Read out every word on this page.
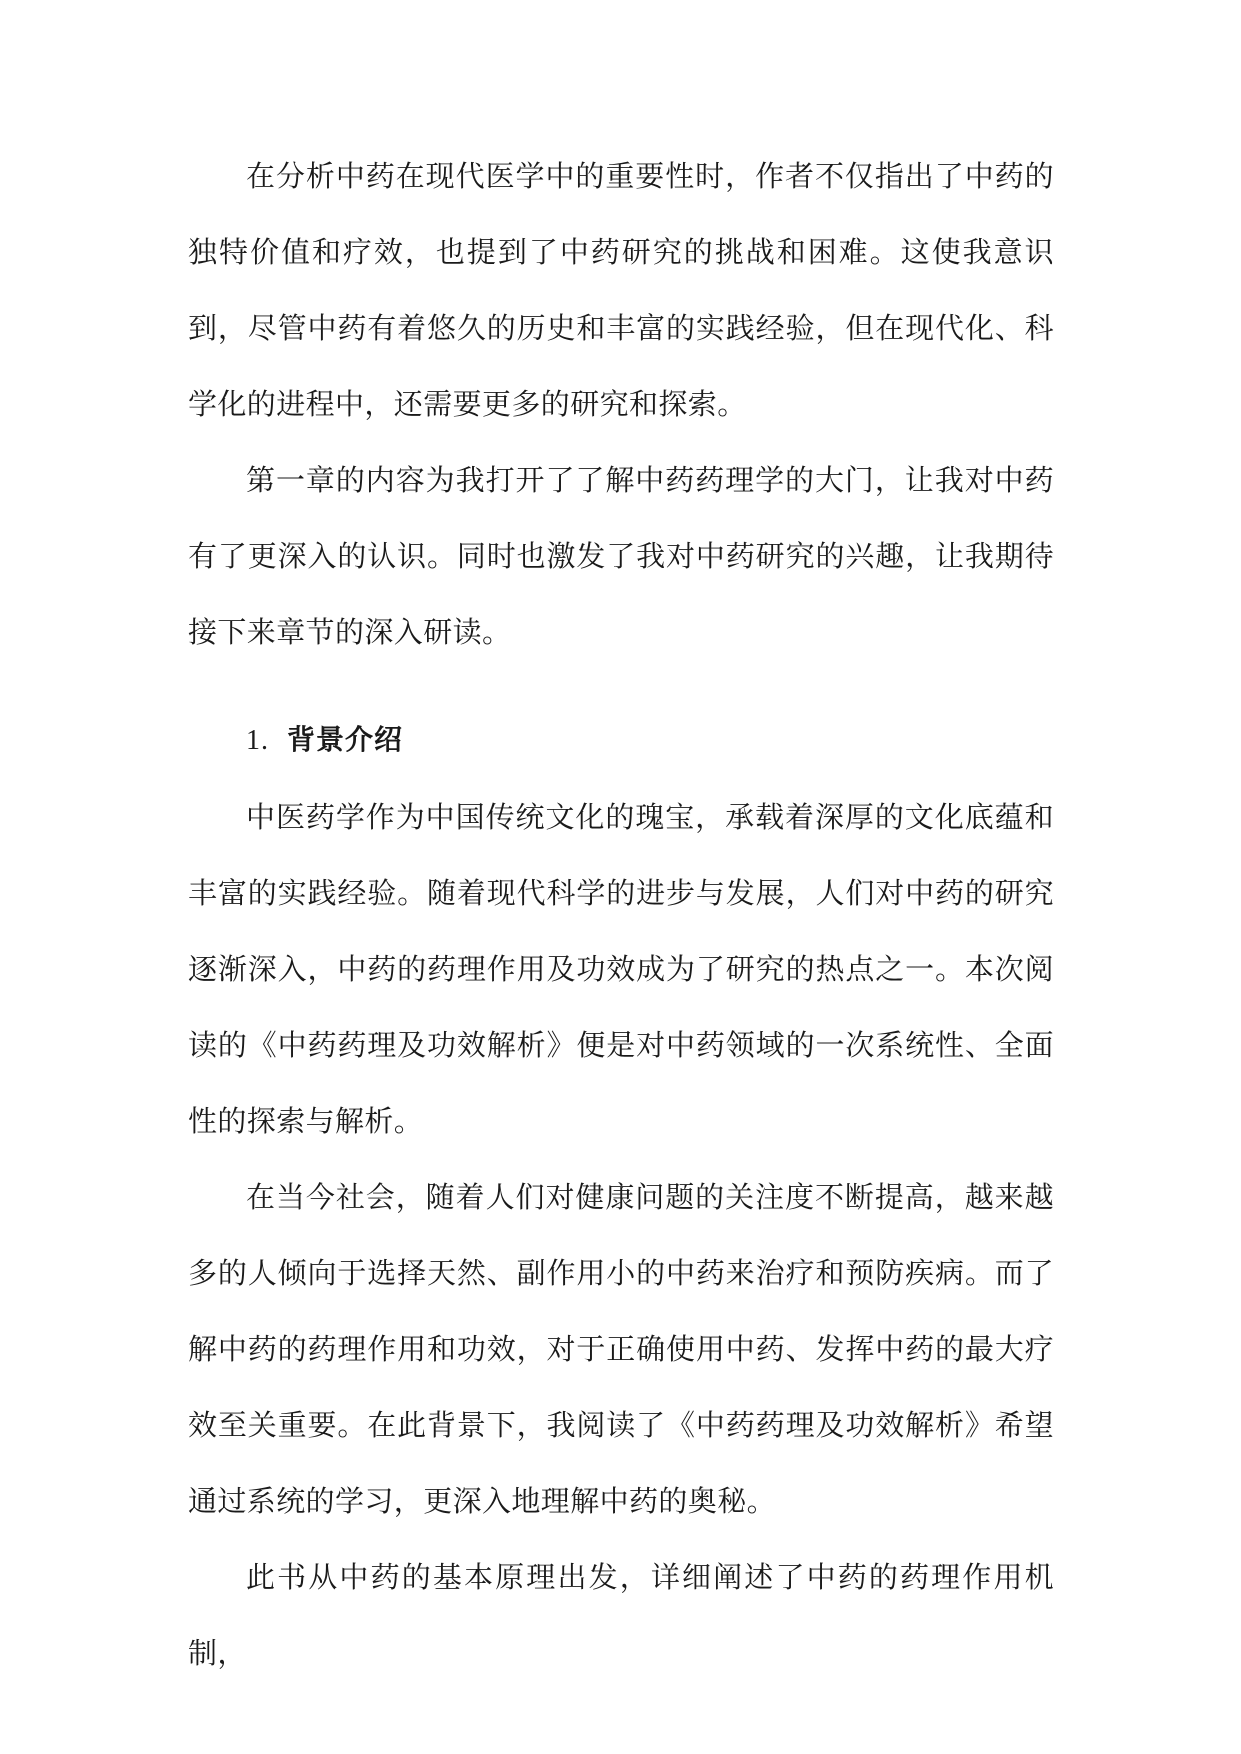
在分析中药在现代医学中的重要性时，作者不仅指出了中药的独特价值和疗效，也提到了中药研究的挑战和困难。这使我意识到，尽管中药有着悠久的历史和丰富的实践经验，但在现代化、科学化的进程中，还需要更多的研究和探索。

第一章的内容为我打开了了解中药药理学的大门，让我对中药有了更深入的认识。同时也激发了我对中药研究的兴趣，让我期待接下来章节的深入研读。

1. 背景介绍

中医药学作为中国传统文化的瑰宝，承载着深厚的文化底蕴和丰富的实践经验。随着现代科学的进步与发展，人们对中药的研究逐渐深入，中药的药理作用及功效成为了研究的热点之一。本次阅读的《中药药理及功效解析》便是对中药领域的一次系统性、全面性的探索与解析。

在当今社会，随着人们对健康问题的关注度不断提高，越来越多的人倾向于选择天然、副作用小的中药来治疗和预防疾病。而了解中药的药理作用和功效，对于正确使用中药、发挥中药的最大疗效至关重要。在此背景下，我阅读了《中药药理及功效解析》希望通过系统的学习，更深入地理解中药的奥秘。

此书从中药的基本原理出发，详细阐述了中药的药理作用机制，
